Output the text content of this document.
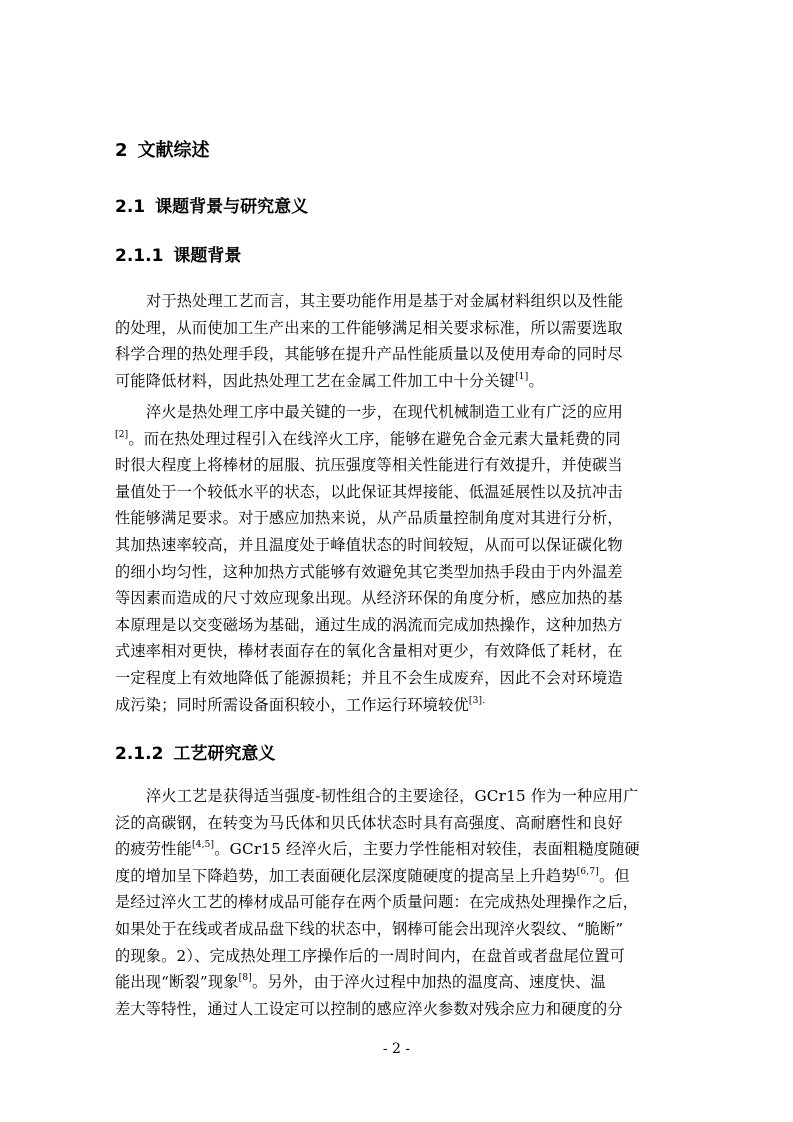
2 文献综述
2.1 课题背景与研究意义
2.1.1 课题背景
对于热处理工艺而言，其主要功能作用是基于对金属材料组织以及性能
的处理，从而使加工生产出来的工件能够满足相关要求标准，所以需要选取
科学合理的热处理手段，其能够在提升产品性能质量以及使用寿命的同时尽
可能降低材料，因此热处理工艺在金属工件加工中十分关键[1]。
淬火是热处理工序中最关键的一步，在现代机械制造工业有广泛的应用
[2]。而在热处理过程引入在线淬火工序，能够在避免合金元素大量耗费的同
时很大程度上将棒材的屈服、抗压强度等相关性能进行有效提升，并使碳当
量值处于一个较低水平的状态，以此保证其焊接能、低温延展性以及抗冲击
性能够满足要求。对于感应加热来说，从产品质量控制角度对其进行分析，
其加热速率较高，并且温度处于峰值状态的时间较短，从而可以保证碳化物
的细小均匀性，这种加热方式能够有效避免其它类型加热手段由于内外温差
等因素而造成的尺寸效应现象出现。从经济环保的角度分析，感应加热的基
本原理是以交变磁场为基础，通过生成的涡流而完成加热操作，这种加热方
式速率相对更快，棒材表面存在的氧化含量相对更少，有效降低了耗材，在
一定程度上有效地降低了能源损耗；并且不会生成废弃，因此不会对环境造
成污染；同时所需设备面积较小，工作运行环境较优$^{[3].}$
2.1.2 工艺研究意义
淬火工艺是获得适当强度-韧性组合的主要途径，GCr15 作为一种应用广
泛的高碳钢，在转变为马氏体和贝氏体状态时具有高强度、高耐磨性和良好
的疲劳性能[4,5]。GCr15 经淬火后，主要力学性能相对较佳，表面粗糙度随硬
度的增加呈下降趋势，加工表面硬化层深度随硬度的提高呈上升趋势[6,7]。但
是经过淬火工艺的棒材成品可能存在两个质量问题：在完成热处理操作之后，
如果处于在线或者成品盘下线的状态中，钢棒可能会出现淬火裂纹、“脆断”
的现象。2）、完成热处理工序操作后的一周时间内，在盘首或者盘尾位置可
能出现“断裂”现象[8]。另外，由于淬火过程中加热的温度高、速度快、温
差大等特性，通过人工设定可以控制的感应淬火参数对残余应力和硬度的分
- 2 -
